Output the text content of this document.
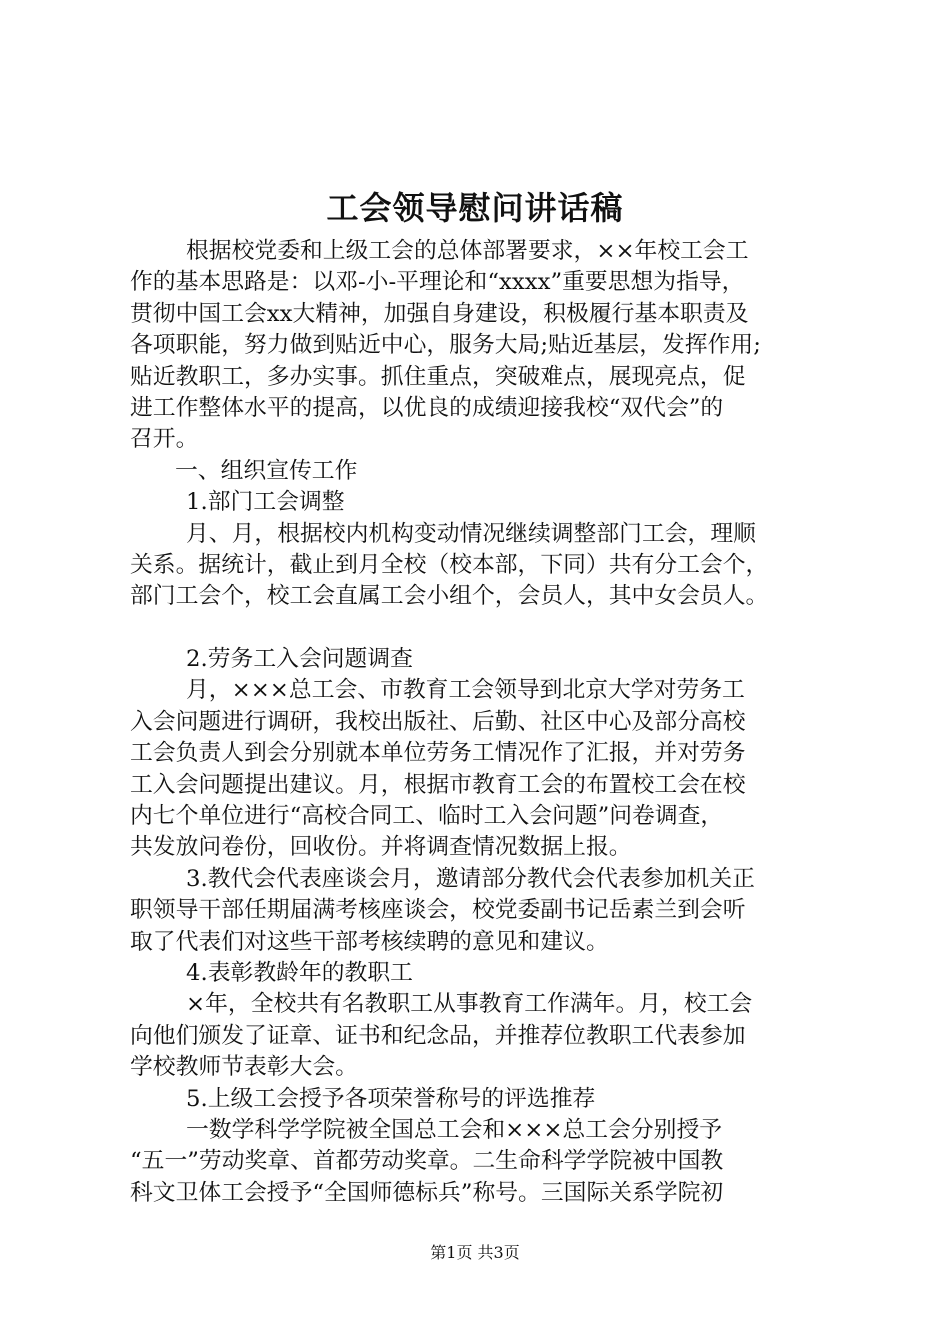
工会领导慰问讲话稿
根据校党委和上级工会的总体部署要求，××年校工会工
作的基本思路是：以邓-小-平理论和“xxxx”重要思想为指导，
贯彻中国工会xx大精神，加强自身建设，积极履行基本职责及
各项职能，努力做到贴近中心，服务大局;贴近基层，发挥作用;
贴近教职工，多办实事。抓住重点，突破难点，展现亮点，促
进工作整体水平的提高，以优良的成绩迎接我校“双代会”的
召开。
一、组织宣传工作
1.部门工会调整
月、月，根据校内机构变动情况继续调整部门工会，理顺
关系。据统计，截止到月全校（校本部，下同）共有分工会个，
部门工会个，校工会直属工会小组个，会员人，其中女会员人。
2.劳务工入会问题调查
月，×××总工会、市教育工会领导到北京大学对劳务工
入会问题进行调研，我校出版社、后勤、社区中心及部分高校
工会负责人到会分别就本单位劳务工情况作了汇报，并对劳务
工入会问题提出建议。月，根据市教育工会的布置校工会在校
内七个单位进行“高校合同工、临时工入会问题”问卷调查，
共发放问卷份，回收份。并将调查情况数据上报。
3.教代会代表座谈会月，邀请部分教代会代表参加机关正
职领导干部任期届满考核座谈会，校党委副书记岳素兰到会听
取了代表们对这些干部考核续聘的意见和建议。
4.表彰教龄年的教职工
×年，全校共有名教职工从事教育工作满年。月，校工会
向他们颁发了证章、证书和纪念品，并推荐位教职工代表参加
学校教师节表彰大会。
5.上级工会授予各项荣誉称号的评选推荐
一数学科学学院被全国总工会和×××总工会分别授予
“五一”劳动奖章、首都劳动奖章。二生命科学学院被中国教
科文卫体工会授予“全国师德标兵”称号。三国际关系学院初
第1页 共3页
